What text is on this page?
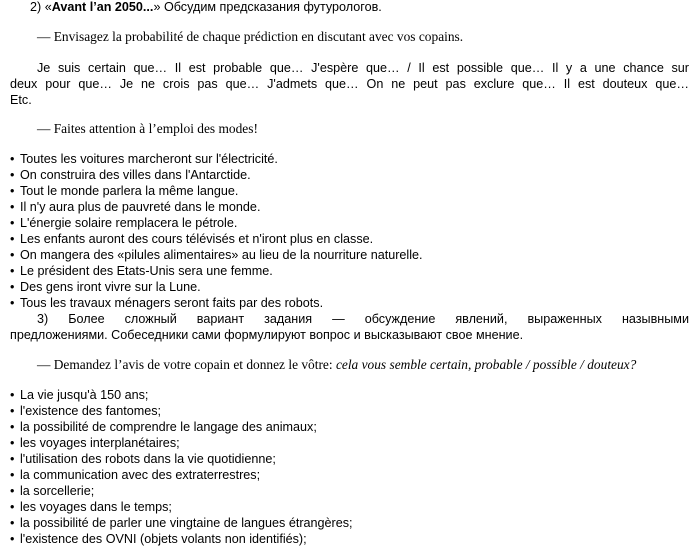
2) «Avant l’an 2050...» Обсудим предсказания футурологов.
— Envisagez la probabilité de chaque prédiction en discutant avec vos copains.
Je suis certain que… Il est probable que… J'espère que… / Il est possible que… Il y a une chance sur
deux pour que… Je ne crois pas que… J'admets que… On ne peut pas exclure que… Il est douteux que…
Etc.
— Faites attention à l’emploi des modes!
• Toutes les voitures marcheront sur l'électricité.
• On construira des villes dans l'Antarctide.
• Tout le monde parlera la même langue.
• Il n'y aura plus de pauvreté dans le monde.
• L'énergie solaire remplacera le pétrole.
• Les enfants auront des cours télévisés et n'iront plus en classe.
• On mangera des «pilules alimentaires» au lieu de la nourriture naturelle.
• Le président des Etats-Unis sera une femme.
• Des gens iront vivre sur la Lune.
• Tous les travaux ménagers seront faits par des robots.
3) Более сложный вариант задания — обсуждение явлений, выраженных назывными
предложениями. Собеседники сами формулируют вопрос и высказывают свое мнение.
— Demandez l’avis de votre copain et donnez le vôtre: cela vous semble certain, probable / possible / douteux?
• La vie jusqu'à 150 ans;
• l'existence des fantomes;
• la possibilité de comprendre le langage des animaux;
• les voyages interplanétaires;
• l'utilisation des robots dans la vie quotidienne;
• la communication avec des extraterrestres;
• la sorcellerie;
• les voyages dans le temps;
• la possibilité de parler une vingtaine de langues étrangères;
• l'existence des OVNI (objets volants non identifiés);
